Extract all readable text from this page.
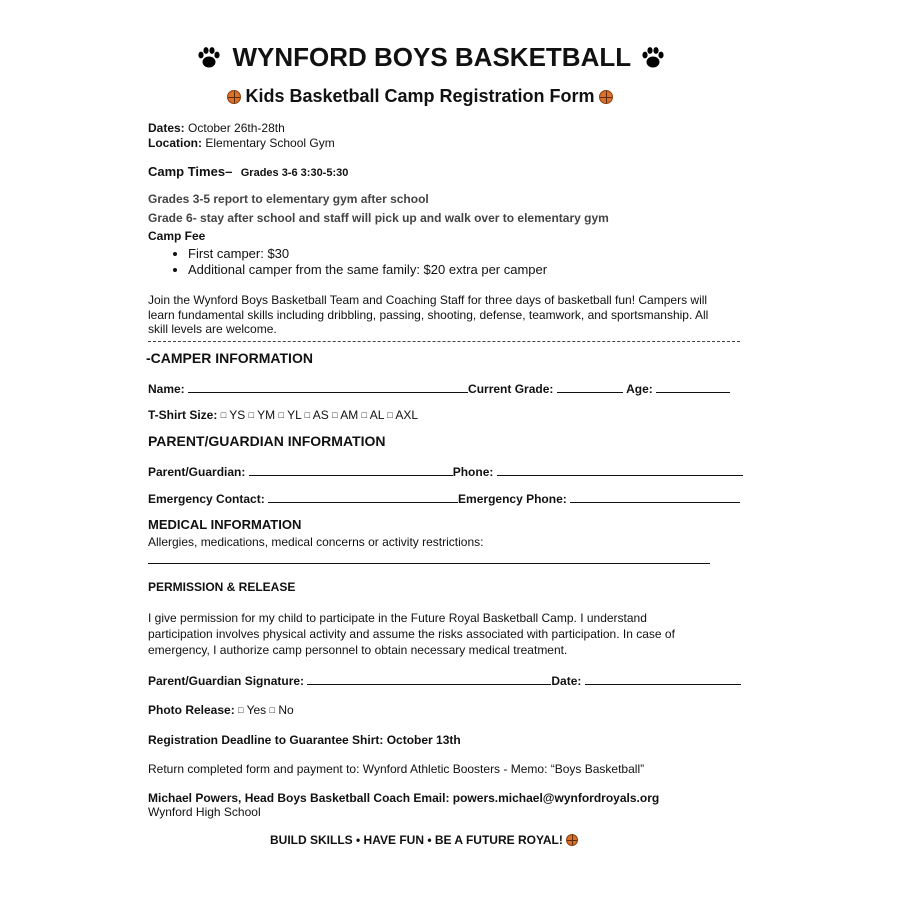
WYNFORD BOYS BASKETBALL
Kids Basketball Camp Registration Form
Dates: October 26th-28th
Location: Elementary School Gym
Camp Times– Grades 3-6 3:30-5:30
Grades 3-5 report to elementary gym after school
Grade 6- stay after school and staff will pick up and walk over to elementary gym
Camp Fee
• First camper: $30
• Additional camper from the same family: $20 extra per camper
Join the Wynford Boys Basketball Team and Coaching Staff for three days of basketball fun! Campers will
learn fundamental skills including dribbling, passing, shooting, defense, teamwork, and sportsmanship. All
skill levels are welcome.
-CAMPER INFORMATION
Name:	Current Grade:	Age:
T-Shirt Size: □ YS □ YM □ YL □ AS □ AM □ AL □ AXL
PARENT/GUARDIAN INFORMATION
Parent/Guardian:	Phone:
Emergency Contact:	Emergency Phone:
MEDICAL INFORMATION
Allergies, medications, medical concerns or activity restrictions:
PERMISSION & RELEASE
I give permission for my child to participate in the Future Royal Basketball Camp. I understand
participation involves physical activity and assume the risks associated with participation. In case of
emergency, I authorize camp personnel to obtain necessary medical treatment.
Parent/Guardian Signature:	Date:
Photo Release: □ Yes □ No
Registration Deadline to Guarantee Shirt: October 13th
Return completed form and payment to: Wynford Athletic Boosters - Memo: “Boys Basketball”
Michael Powers, Head Boys Basketball Coach Email: powers.michael@wynfordroyals.org
Wynford High School
BUILD SKILLS • HAVE FUN • BE A FUTURE ROYAL!
